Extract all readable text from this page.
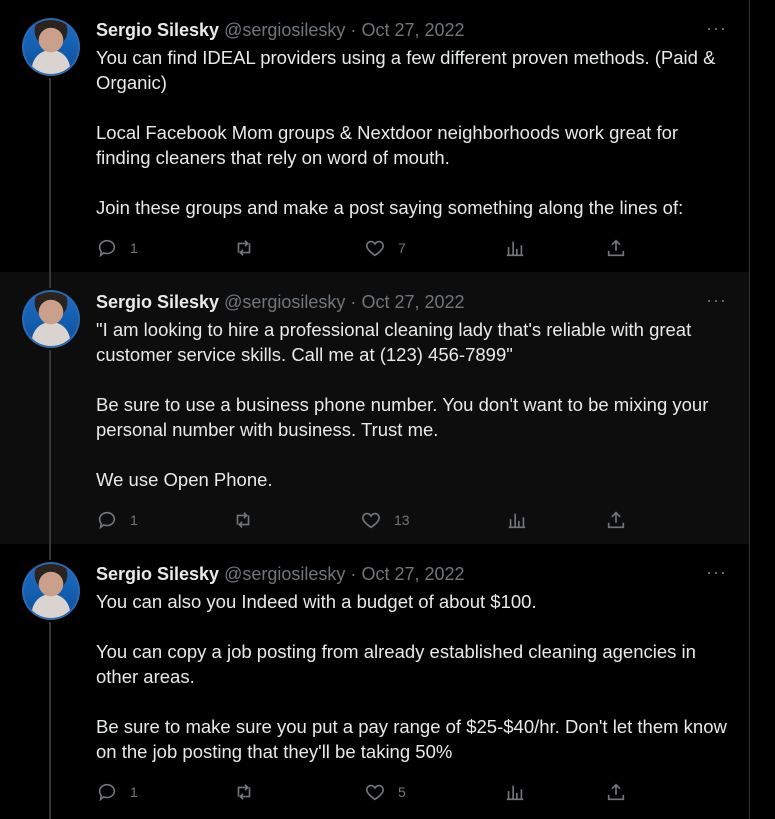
Sergio Silesky @sergiosilesky · Oct 27, 2022	···

You can find IDEAL providers using a few different proven methods. (Paid & Organic)

Local Facebook Mom groups & Nextdoor neighborhoods work great for finding cleaners that rely on word of mouth.

Join these groups and make a post saying something along the lines of:

1	7
Sergio Silesky @sergiosilesky · Oct 27, 2022	···

"I am looking to hire a professional cleaning lady that's reliable with great customer service skills. Call me at (123) 456-7899"

Be sure to use a business phone number. You don't want to be mixing your personal number with business. Trust me.

We use Open Phone.

1	13
Sergio Silesky @sergiosilesky · Oct 27, 2022	···

You can also you Indeed with a budget of about $100.

You can copy a job posting from already established cleaning agencies in other areas.

Be sure to make sure you put a pay range of $25-$40/hr. Don't let them know on the job posting that they'll be taking 50%

1	5
